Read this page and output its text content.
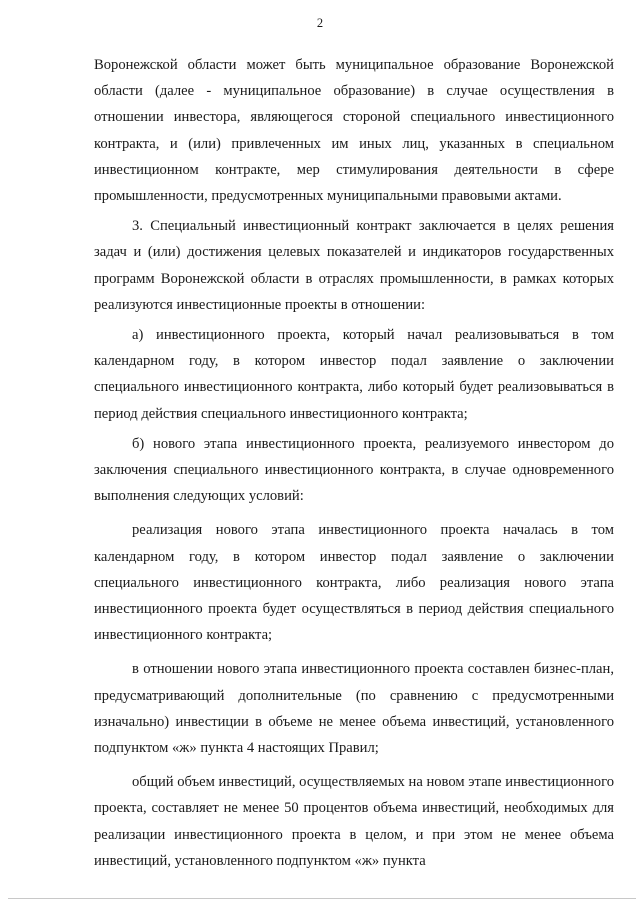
2

Воронежской области может быть муниципальное образование Воронежской области (далее - муниципальное образование) в случае осуществления в отношении инвестора, являющегося стороной специального инвестиционного контракта, и (или) привлеченных им иных лиц, указанных в специальном инвестиционном контракте, мер стимулирования деятельности в сфере промышленности, предусмотренных муниципальными правовыми актами.

3. Специальный инвестиционный контракт заключается в целях решения задач и (или) достижения целевых показателей и индикаторов государственных программ Воронежской области в отраслях промышленности, в рамках которых реализуются инвестиционные проекты в отношении:

а) инвестиционного проекта, который начал реализовываться в том календарном году, в котором инвестор подал заявление о заключении специального инвестиционного контракта, либо который будет реализовываться в период действия специального инвестиционного контракта;

б) нового этапа инвестиционного проекта, реализуемого инвестором до заключения специального инвестиционного контракта, в случае одновременного выполнения следующих условий:

реализация нового этапа инвестиционного проекта началась в том календарном году, в котором инвестор подал заявление о заключении специального инвестиционного контракта, либо реализация нового этапа инвестиционного проекта будет осуществляться в период действия специального инвестиционного контракта;

в отношении нового этапа инвестиционного проекта составлен бизнес-план, предусматривающий дополнительные (по сравнению с предусмотренными изначально) инвестиции в объеме не менее объема инвестиций, установленного подпунктом «ж» пункта 4 настоящих Правил;

общий объем инвестиций, осуществляемых на новом этапе инвестиционного проекта, составляет не менее 50 процентов объема инвестиций, необходимых для реализации инвестиционного проекта в целом, и при этом не менее объема инвестиций, установленного подпунктом «ж» пункта
